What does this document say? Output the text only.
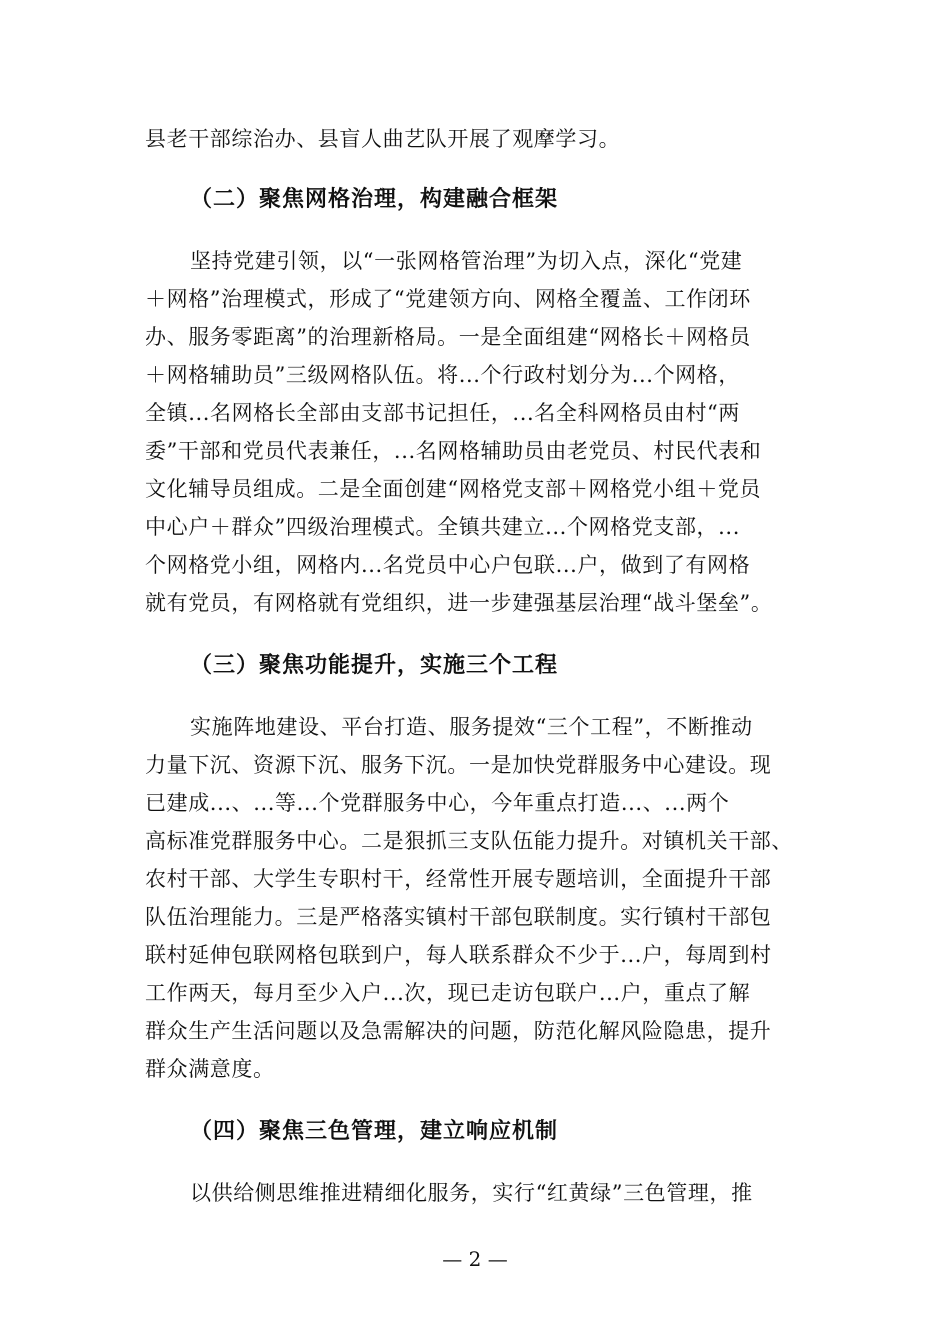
县老干部综治办、县盲人曲艺队开展了观摩学习。
（二）聚焦网格治理，构建融合框架
坚持党建引领，以“一张网格管治理”为切入点，深化“党建
＋网格”治理模式，形成了“党建领方向、网格全覆盖、工作闭环
办、服务零距离”的治理新格局。一是全面组建“网格长＋网格员
＋网格辅助员”三级网格队伍。将...个行政村划分为...个网格，
全镇...名网格长全部由支部书记担任，...名全科网格员由村“两
委”干部和党员代表兼任，...名网格辅助员由老党员、村民代表和
文化辅导员组成。二是全面创建“网格党支部＋网格党小组＋党员
中心户＋群众”四级治理模式。全镇共建立...个网格党支部，...
个网格党小组，网格内...名党员中心户包联...户，做到了有网格
就有党员，有网格就有党组织，进一步建强基层治理“战斗堡垒”。
（三）聚焦功能提升，实施三个工程
实施阵地建设、平台打造、服务提效“三个工程”，不断推动
力量下沉、资源下沉、服务下沉。一是加快党群服务中心建设。现
已建成...、...等...个党群服务中心，今年重点打造...、...两个
高标准党群服务中心。二是狠抓三支队伍能力提升。对镇机关干部、
农村干部、大学生专职村干，经常性开展专题培训，全面提升干部
队伍治理能力。三是严格落实镇村干部包联制度。实行镇村干部包
联村延伸包联网格包联到户，每人联系群众不少于...户，每周到村
工作两天，每月至少入户...次，现已走访包联户...户，重点了解
群众生产生活问题以及急需解决的问题，防范化解风险隐患，提升
群众满意度。
（四）聚焦三色管理，建立响应机制
以供给侧思维推进精细化服务，实行“红黄绿”三色管理，推
— 2 —
